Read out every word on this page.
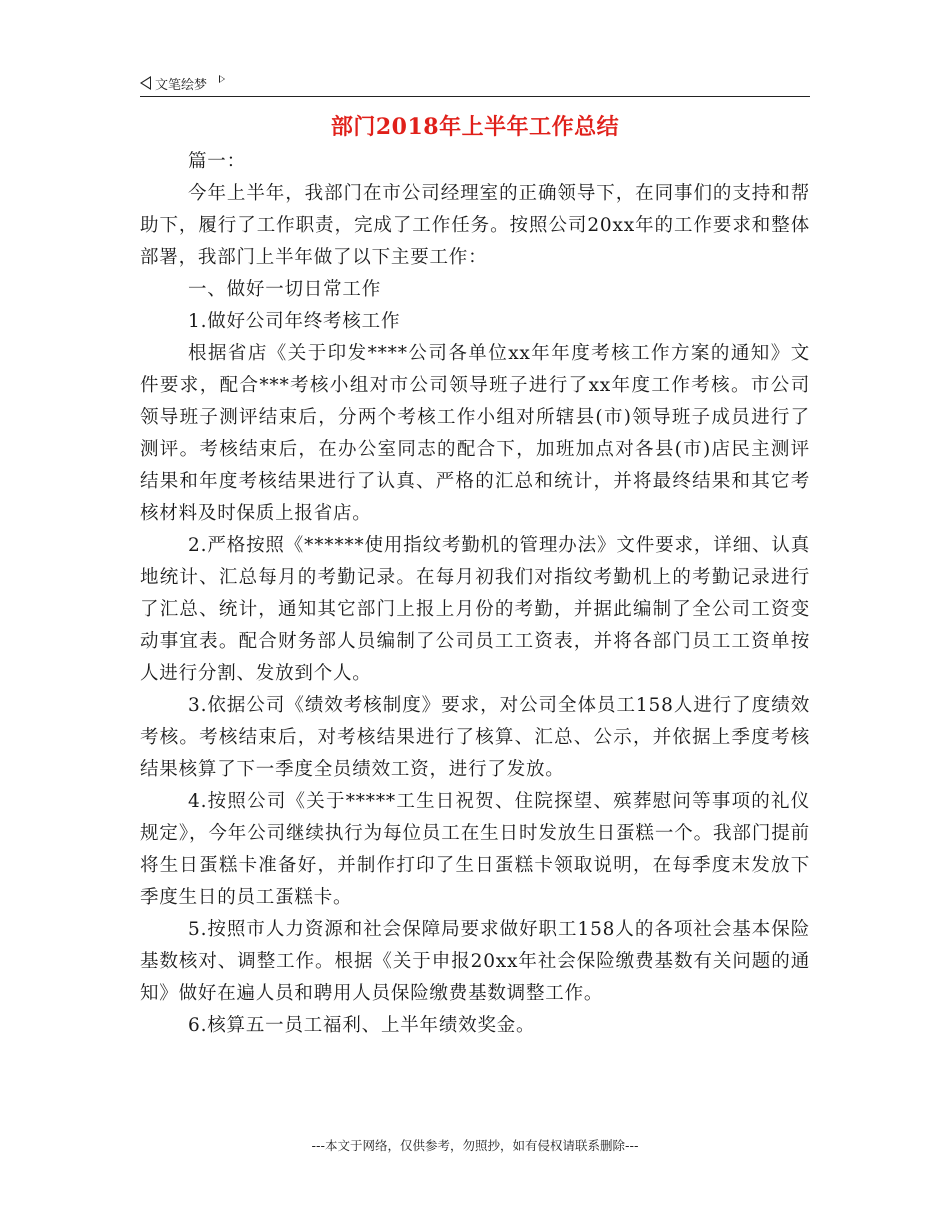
文笔绘梦
部门2018年上半年工作总结

篇一：

今年上半年，我部门在市公司经理室的正确领导下，在同事们的支持和帮助下，履行了工作职责，完成了工作任务。按照公司20xx年的工作要求和整体部署，我部门上半年做了以下主要工作：

一、做好一切日常工作

1.做好公司年终考核工作

根据省店《关于印发****公司各单位xx年年度考核工作方案的通知》文件要求，配合***考核小组对市公司领导班子进行了xx年度工作考核。市公司领导班子测评结束后，分两个考核工作小组对所辖县(市)领导班子成员进行了测评。考核结束后，在办公室同志的配合下，加班加点对各县(市)店民主测评结果和年度考核结果进行了认真、严格的汇总和统计，并将最终结果和其它考核材料及时保质上报省店。

2.严格按照《******使用指纹考勤机的管理办法》文件要求，详细、认真地统计、汇总每月的考勤记录。在每月初我们对指纹考勤机上的考勤记录进行了汇总、统计，通知其它部门上报上月份的考勤，并据此编制了全公司工资变动事宜表。配合财务部人员编制了公司员工工资表，并将各部门员工工资单按人进行分割、发放到个人。

3.依据公司《绩效考核制度》要求，对公司全体员工158人进行了度绩效考核。考核结束后，对考核结果进行了核算、汇总、公示，并依据上季度考核结果核算了下一季度全员绩效工资，进行了发放。

4.按照公司《关于*****工生日祝贺、住院探望、殡葬慰问等事项的礼仪规定》，今年公司继续执行为每位员工在生日时发放生日蛋糕一个。我部门提前将生日蛋糕卡准备好，并制作打印了生日蛋糕卡领取说明，在每季度末发放下季度生日的员工蛋糕卡。

5.按照市人力资源和社会保障局要求做好职工158人的各项社会基本保险基数核对、调整工作。根据《关于申报20xx年社会保险缴费基数有关问题的通知》做好在遍人员和聘用人员保险缴费基数调整工作。

6.核算五一员工福利、上半年绩效奖金。

---本文于网络，仅供参考，勿照抄，如有侵权请联系删除---
